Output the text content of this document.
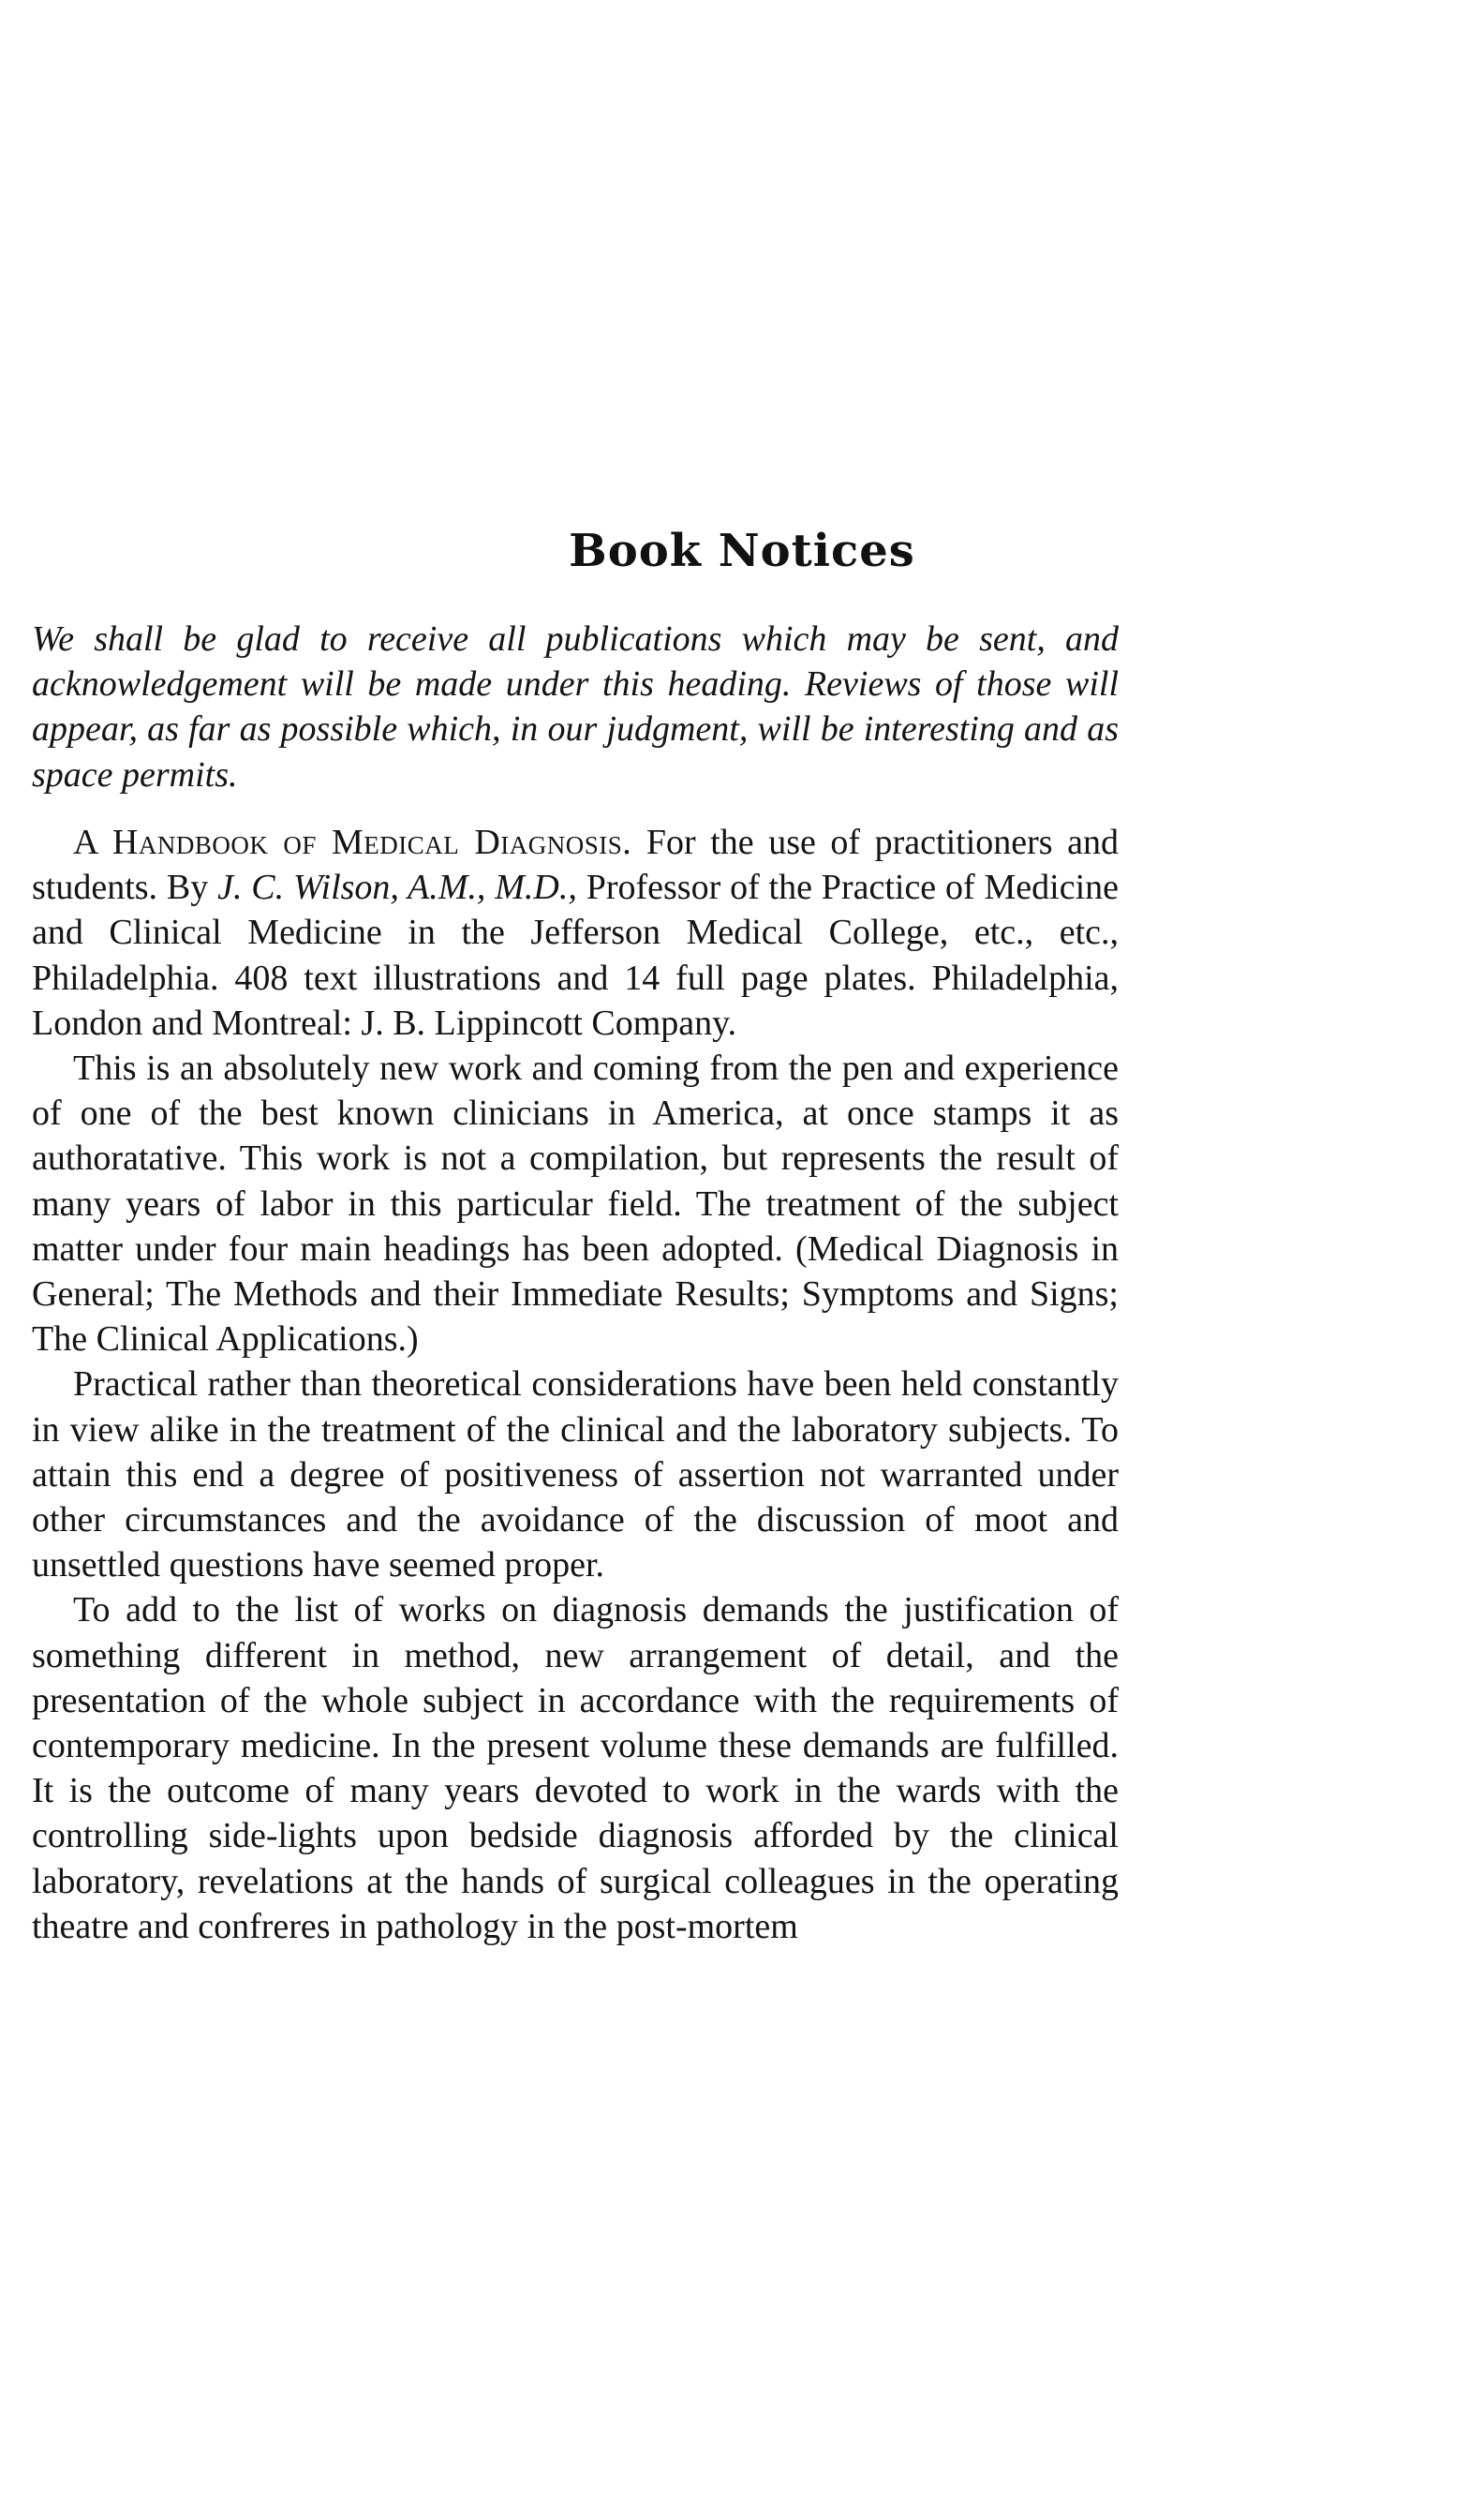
Book Notices
We shall be glad to receive all publications which may be sent, and acknowledgement will be made under this heading. Reviews of those will appear, as far as possible which, in our judgment, will be interesting and as space permits.

A Handbook of Medical Diagnosis. For the use of practitioners and students. By J. C. Wilson, A.M., M.D., Professor of the Practice of Medicine and Clinical Medicine in the Jefferson Medical College, etc., etc., Philadelphia. 408 text illustrations and 14 full page plates. Philadelphia, London and Montreal: J. B. Lippincott Company.

This is an absolutely new work and coming from the pen and experience of one of the best known clinicians in America, at once stamps it as authoratative. This work is not a compilation, but represents the result of many years of labor in this particular field. The treatment of the subject matter under four main headings has been adopted. (Medical Diagnosis in General; The Methods and their Immediate Results; Symptoms and Signs; The Clinical Applications.)

Practical rather than theoretical considerations have been held constantly in view alike in the treatment of the clinical and the laboratory subjects. To attain this end a degree of positiveness of assertion not warranted under other circumstances and the avoidance of the discussion of moot and unsettled questions have seemed proper.

To add to the list of works on diagnosis demands the justification of something different in method, new arrangement of detail, and the presentation of the whole subject in accordance with the requirements of contemporary medicine. In the present volume these demands are fulfilled. It is the outcome of many years devoted to work in the wards with the controlling side-lights upon bedside diagnosis afforded by the clinical laboratory, revelations at the hands of surgical colleagues in the operating theatre and confreres in pathology in the post-mortem
